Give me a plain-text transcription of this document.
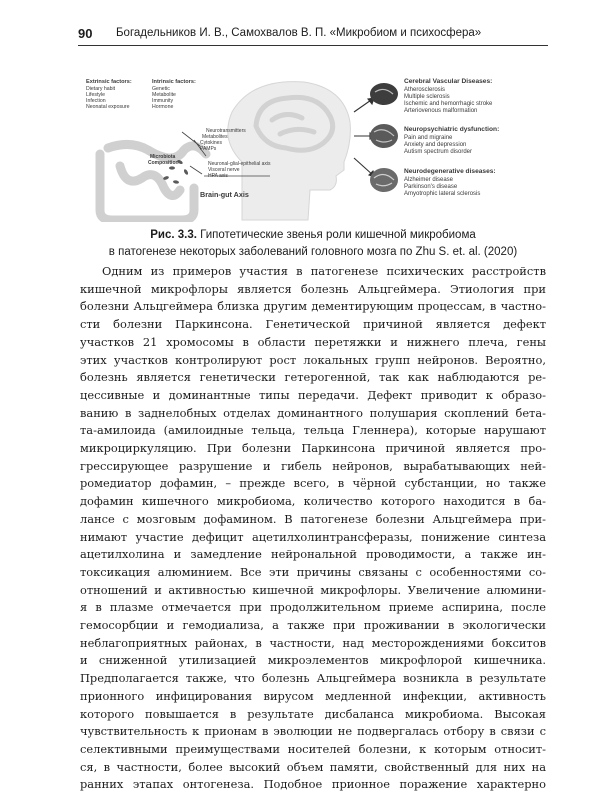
90 Богадельников И. В., Самохвалов В. П. «Микробиом и психосфера»
Extrinsic factors:
Dietary habit
Lifestyle
Infection
Neonatal exposure
Intrinsic factors:
Genetic
Metabolite
Immunity
Hormone
Neurotransmitters
Metabolites
Cytokines
PAMPs
Neuronal-glial-epithelial axis
Visceral nerve
HPA axis
Microbiota
Composition
Brain-gut Axis
Cerebral Vascular Diseases:
Atherosclerosis
Multiple sclerosis
Ischemic and hemorrhagic stroke
Arteriovenous malformation
Neuropsychiatric dysfunction:
Pain and migraine
Anxiety and depression
Autism spectrum disorder
Neurodegenerative diseases:
Alzheimer disease
Parkinson's disease
Amyotrophic lateral sclerosis
Рис. 3.3. Гипотетические звенья роли кишечной микробиома
в патогенезе некоторых заболеваний головного мозга по Zhu S. et. al. (2020)
Одним из примеров участия в патогенезе психических расстройств
кишечной микрофлоры является болезнь Альцгеймера. Этиология при
болезни Альцгеймера близка другим дементирующим процессам, в частно-
сти болезни Паркинсона. Генетической причиной является дефект
участков 21 хромосомы в области перетяжки и нижнего плеча, гены
этих участков контролируют рост локальных групп нейронов. Вероятно,
болезнь является генетически гетерогенной, так как наблюдаются ре-
цессивные и доминантные типы передачи. Дефект приводит к образо-
ванию в заднелобных отделах доминантного полушария скоплений бета-
та-амилоида (амилоидные тельца, тельца Гленнера), которые нарушают
микроциркуляцию. При болезни Паркинсона причиной является про-
грессирующее разрушение и гибель нейронов, вырабатывающих ней-
ромедиатор дофамин, – прежде всего, в чёрной субстанции, но также
дофамин кишечного микробиома, количество которого находится в ба-
лансе с мозговым дофамином. В патогенезе болезни Альцгеймера при-
нимают участие дефицит ацетилхолинтрансферазы, понижение синтеза
ацетилхолина и замедление нейрональной проводимости, а также ин-
токсикация алюминием. Все эти причины связаны с особенностями со-
отношений и активностью кишечной микрофлоры. Увеличение алюмини-
я в плазме отмечается при продолжительном приеме аспирина, после
гемосорбции и гемодиализа, а также при проживании в экологически
неблагоприятных районах, в частности, над месторождениями бокситов
и сниженной утилизацией микроэлементов микрофлорой кишечника.
Предполагается также, что болезнь Альцгеймера возникла в результате
прионного инфицирования вирусом медленной инфекции, активность
которого повышается в результате дисбаланса микробиома. Высокая
чувствительность к прионам в эволюции не подвергалась отбору в связи с
селективными преимуществами носителей болезни, к которым относит-
ся, в частности, более высокий объем памяти, свойственный для них на
ранних этапах онтогенеза. Подобное прионное поражение характерно
